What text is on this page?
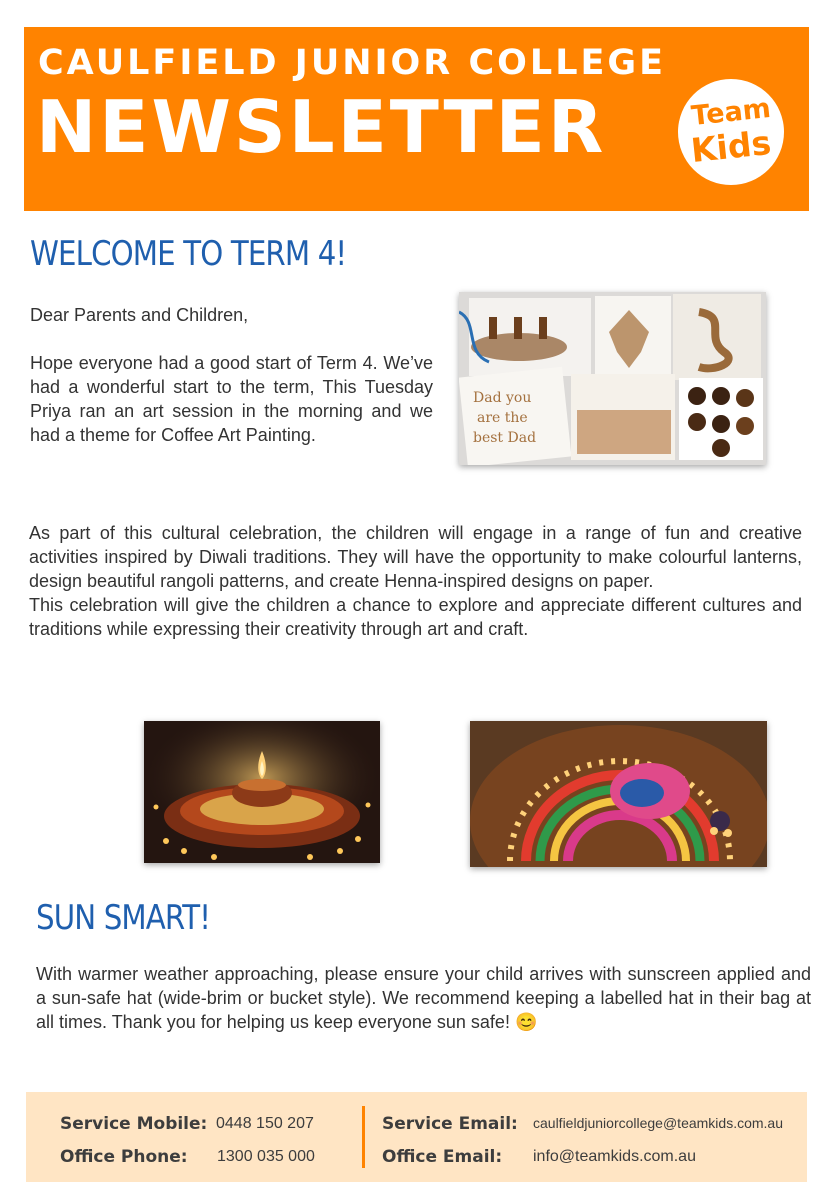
CAULFIELD JUNIOR COLLEGE
NEWSLETTER	Team
Kids
WELCOME TO TERM 4!
Dear Parents and Children,
Hope everyone had a good start of Term 4. We’ve had a wonderful start to the term, This Tuesday Priya ran an art session in the morning and we had a theme for Coffee Art Painting.
Dad you
are the
best Dad
As part of this cultural celebration, the children will engage in a range of fun and creative activities inspired by Diwali traditions. They will have the opportunity to make colourful lanterns, design beautiful rangoli patterns, and create Henna-inspired designs on paper.
This celebration will give the children a chance to explore and appreciate different cultures and traditions while expressing their creativity through art and craft.
SUN SMART!
With warmer weather approaching, please ensure your child arrives with sunscreen applied and a sun-safe hat (wide-brim or bucket style). We recommend keeping a labelled hat in their bag at all times. Thank you for helping us keep everyone sun safe! 😊
Service Mobile: 0448 150 207
Office Phone: 1300 035 000
Service Email: caulfieldjuniorcollege@teamkids.com.au
Office Email: info@teamkids.com.au
